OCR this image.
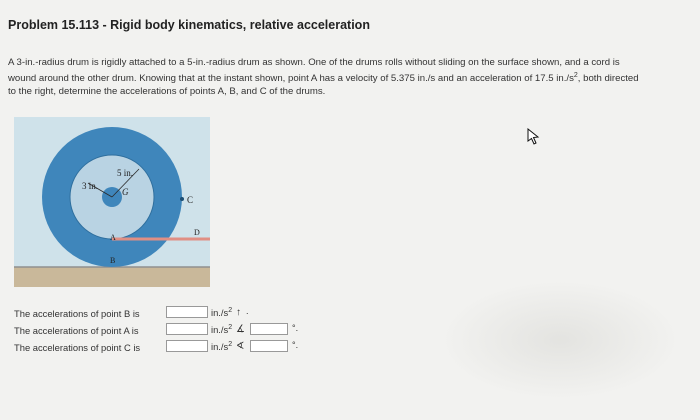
Problem 15.113 - Rigid body kinematics, relative acceleration
A 3-in.-radius drum is rigidly attached to a 5-in.-radius drum as shown. One of the drums rolls without sliding on the surface shown, and a cord is wound around the other drum. Knowing that at the instant shown, point A has a velocity of 5.375 in./s and an acceleration of 17.5 $in./s^2$, both directed to the right, determine the accelerations of points A, B, and C of the drums.
3 in.
5 in.
G
A
B
C
D
The accelerations of point B is	$in./s^2$ ↑ .
The accelerations of point A is	$in./s^2$ ∡	°.
The accelerations of point C is	$in./s^2$ ∢	°.
